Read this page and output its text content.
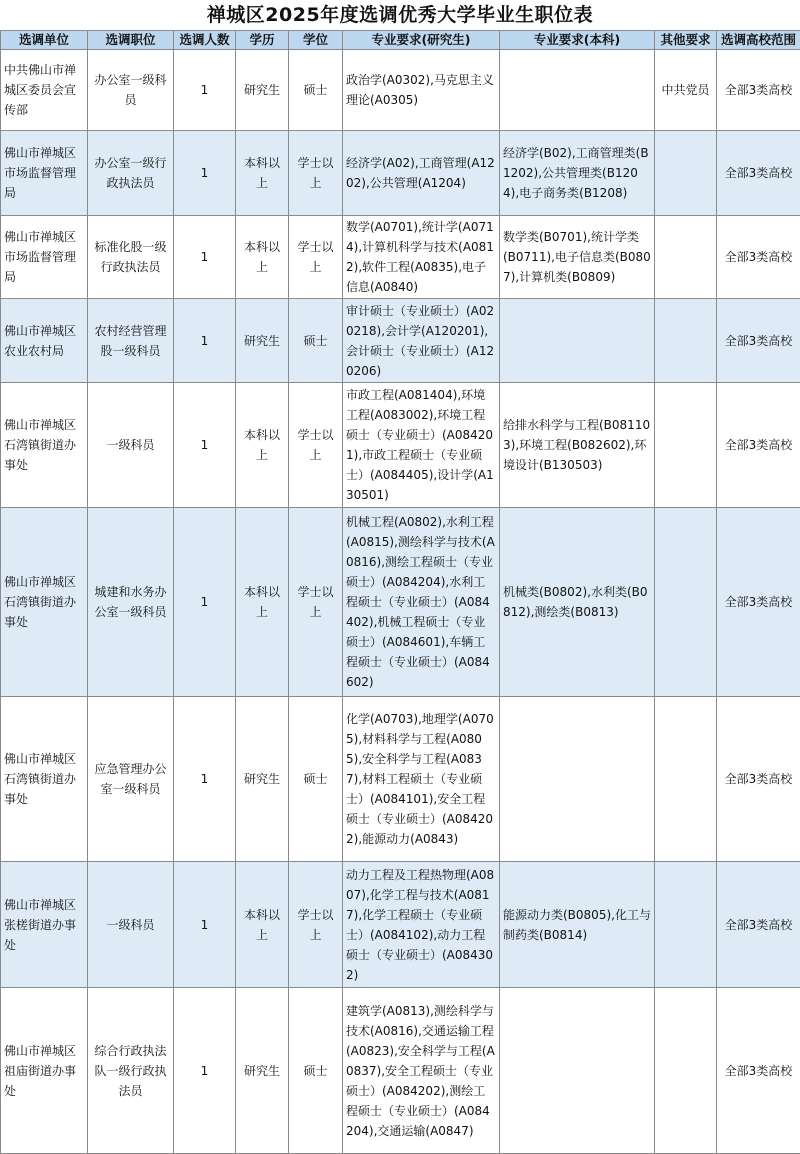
禅城区2025年度选调优秀大学毕业生职位表
选调单位	选调职位	选调人数	学历	学位	专业要求(研究生)	专业要求(本科)	其他要求	选调高校范围
中共佛山市禅城区委员会宣传部	办公室一级科员	1	研究生	硕士	政治学(A0302),马克思主义理论(A0305)		中共党员	全部3类高校
佛山市禅城区市场监督管理局	办公室一级行政执法员	1	本科以上	学士以上	经济学(A02),工商管理(A1202),公共管理(A1204)	经济学(B02),工商管理类(B1202),公共管理类(B1204),电子商务类(B1208)		全部3类高校
佛山市禅城区市场监督管理局	标准化股一级行政执法员	1	本科以上	学士以上	数学(A0701),统计学(A0714),计算机科学与技术(A0812),软件工程(A0835),电子信息(A0840)	数学类(B0701),统计学类(B0711),电子信息类(B0807),计算机类(B0809)		全部3类高校
佛山市禅城区农业农村局	农村经营管理股一级科员	1	研究生	硕士	审计硕士（专业硕士）(A020218),会计学(A120201),会计硕士（专业硕士）(A120206)			全部3类高校
佛山市禅城区石湾镇街道办事处	一级科员	1	本科以上	学士以上	市政工程(A081404),环境工程(A083002),环境工程硕士（专业硕士）(A084201),市政工程硕士（专业硕士）(A084405),设计学(A130501)	给排水科学与工程(B081103),环境工程(B082602),环境设计(B130503)		全部3类高校
佛山市禅城区石湾镇街道办事处	城建和水务办公室一级科员	1	本科以上	学士以上	机械工程(A0802),水利工程(A0815),测绘科学与技术(A0816),测绘工程硕士（专业硕士）(A084204),水利工程硕士（专业硕士）(A084402),机械工程硕士（专业硕士）(A084601),车辆工程硕士（专业硕士）(A084602)	机械类(B0802),水利类(B0812),测绘类(B0813)		全部3类高校
佛山市禅城区石湾镇街道办事处	应急管理办公室一级科员	1	研究生	硕士	化学(A0703),地理学(A0705),材料科学与工程(A0805),安全科学与工程(A0837),材料工程硕士（专业硕士）(A084101),安全工程硕士（专业硕士）(A084202),能源动力(A0843)			全部3类高校
佛山市禅城区张槎街道办事处	一级科员	1	本科以上	学士以上	动力工程及工程热物理(A0807),化学工程与技术(A0817),化学工程硕士（专业硕士）(A084102),动力工程硕士（专业硕士）(A084302)	能源动力类(B0805),化工与制药类(B0814)		全部3类高校
佛山市禅城区祖庙街道办事处	综合行政执法队一级行政执法员	1	研究生	硕士	建筑学(A0813),测绘科学与技术(A0816),交通运输工程(A0823),安全科学与工程(A0837),安全工程硕士（专业硕士）(A084202),测绘工程硕士（专业硕士）(A084204),交通运输(A0847)			全部3类高校
